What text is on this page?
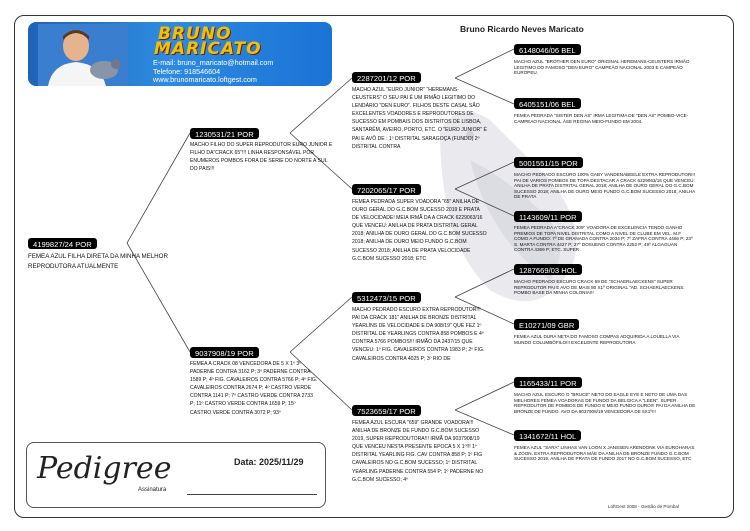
BRUNO
MARICATO
E-mail: bruno_maricato@hotmail.com
Telefone: 918546604
www.brunomaricato.loftgest.com
Bruno Ricardo Neves Maricato
4199827/24 POR
FEMEA AZUL FILHA DIRETA DA MINHA MELHOR REPRODUTORA ATUALMENTE
1230531/21 POR
MACHO FILHO DO SUPER REPRODUTOR EURO JUNIOR E FILHO DA"CRACK 65"!!! LINHA RESPONSÁVEL POR ENUMEROS POMBOS FORA DE SERIE DO NORTE A SUL DO PAIS!!!
9037908/19 POR
FEMEA A CRACK 08 VENCEDORA DE 5 X 1º 3º PADERNE CONTRA 3162 P; 3º PADERNE CONTRA 1589 P; 4º FIG. CAVALEIROS CONTRA 5766 P; 4º FIG. CAVALEIROS CONTRA 2674 P; 4º CASTRO VERDE CONTRA 1141 P; 7º CASTRO VERDE CONTRA 2733 P; 11º CASTRO VERDE CONTRA 1659 P; 15º CASTRO VERDE CONTRA 3072 P; 93º
2287201/12 POR
MACHO AZUL "EURO JUNIOR" "HEREMANS-CEUSTERS" O SEU PAI É UM IRMÃO LEGITIMO DO LENDÁRIO "DEN EURO". FILHOS DESTE CASAL SÃO EXCELENTES VOADORES E REPRODUTORES DE SUCESSO EM POMBAIS DOS DISTRITOS DE LISBOA, SANTARÉM, AVEIRO, PORTO, ETC. O "EURO JUNIOR" É PAI E AVÔ DE : 1º DISTRITAL SARAGOÇA (FUNDO) 2º DISTRITAL CONTRA
7202065/17 POR
FEMEA PEDRADA SUPER VOADORA "65" ANILHA DE OURO GERAL DO G.C.BOM SUCESSO 2019 E PRATA DE VELOCIDADE! MEIA IRMÃ DA A CRACK 6229063/16 QUE VENCEU: ANILHA DE PRATA DISTRITAL GERAL 2018; ANILHA DE OURO GERAL DO G.C.BOM SUCESSO 2018; ANILHA DE OURO MEIO FUNDO G.C.BOM SUCESSO 2018; ANILHA DE PRATA VELOCIDADE G.C.BOM SUCESSO 2018; ETC
5312473/15 POR
MACHO PEDRADO ESCURO EXTRA REPRODUTOR!!! PAI DA CRACK 181" ANILHA DE BRONZE DISTRITAL YEARLINS DE VELOCIDADE E DA 908/19" QUE FEZ 1º DISTRITAL DE YEARLINGS CONTRA 858 POMBOS E 4º CONTRA 5766 POMBOS!!! IRMÃO DA 2437/15 QUE VENCEU: 1º FIG. CAVALEIROS CONTRA 1983 P; 2º FIG. CAVALEIROS CONTRA 4025 P; 3º RIO DE
7523659/17 POR
FEMEA AZUL ESCURA "659" GRANDE VOADORA!!! ANILHA DE BRONZE DE FUNDO G.C.BOM SUCESSO 2019, SUPER REPRODUTORA!!! IRMÃ DA 9037908/19 QUE VENCEU NESTA PRESENTE EPOCA 5 X 1º!!! 1º DISTRITAL YEARLING FIG. CAV CONTRA 858 P; 1º FIG CAVALEIROS NO G.C.BOM SUCESSO; 1º DISTRITAL YEARLING PADERNE CONTRA 554 P; 1º PADERNE NO G.C.BOM SUCESSO; 4º
6148046/06 BEL
MACHO AZUL "BROTHER DEN EURO" ORIGINAL HEREMANS-CEUSTERS IRMÃO LEGITIMO DO FAMOSO "DEN EURO" CAMPEÃO NACIONAL 2003 E CAMPEÃO EUROPEU.
6405151/06 BEL
FEMEA PEDRADA "SISTER DEN AS" IRMA LEGITIMA DE "DEN AS" POMBO-VICE- CAMPEAO NACIONAL ÁSE REGINA MEIO-FUNDO EM 2004.
5001551/15 POR
MACHO PEDRADO ESCURO 100% GABY VANDENABEELE EXTRA REPRODUTOR!!! PAI DE VARIOS POMBOS DE TOPA DESTACAR A CRACK 6229063/16 QUE VENCEU: ANILHA DE PRATA DISTRITAL GERAL 2018; ANILHA DE OURO GERAL DO G.C.BOM SUCESSO 2018; ANILHA DE OURO MEIO FUNDO G.C.BOM SUCESSO 2018; ANILHA DE PRATA
1143609/11 POR
FEMEA PEDRADA A"CRACK 309" VOADORA DE EXCELENCIA TENDO GANHO PREMIOS DE TOPA NIVEL DISTRITAL COMO A NIVEL DE CLUBE EM VEL. M.F COMO A FUNDO: 7º DE GRANADA CONTRA 2034 P; 7º ZAFRA CONTRA 4466 P; 23º S. MARTA CONTRA 4427 P; 27º DOSUENO CONTRA 2252 P; 49º ALGAGUAN CONTRA 4369 P; ETC. SUPER
1287669/03 HOL
MACHO PEDRADO ESCURO CRACK 69 DE "SCHAERLAECKENS" SUPER REPRODUTOR PAI E AVO DE MAIS 80 X1º ORIGINAL "AD. SCHAERLAECKENS. POMBO BASE DA MINHA COLONIA!!!
E10271/09 GBR
FEMEA AZUL DURA NETA DO FAMOSO COMPAS ADQUIRIDA A LOUELLA VIA MUNDO COLUMBÓFILO!!! EXCELENTE REPRODUTORA
1165433/11 POR
MACHO AZUL ESCURO O "BRUCE" NETO DO EAGLE EYE E NETO DE UMA DAS MELHORES FEMEA VOADORAS DE FUNDO DA BELGICA A "LEEN". SUPER REPRODUTOR DE POMBOS DE FUNDO E MEIO FUNDO DURO!!! PAI DA ANILHA DE BRONZE DE FUNDO. AVO DA 9037908/19 VENCEDORA DE 5X1º!!!
1341672/11 HOL
FEMEA AZUL "SARA" LINHAS VAN LOON X JANSSEN ARENDONK VIA EUROHARAS & ZOON. EXTRA REPRODUTORA MÃE DA ANILHA DE BRONZE FUNDO G.C.BOM SUCESSO 2019, ANILHA DE PRATA DE FUNDO 2017 NO G.C.BOM SUCESSO, ETC
Pedigree	Data: 2025/11/29
Assinatura
LoftGest 2008 - Gestão de Pombal
